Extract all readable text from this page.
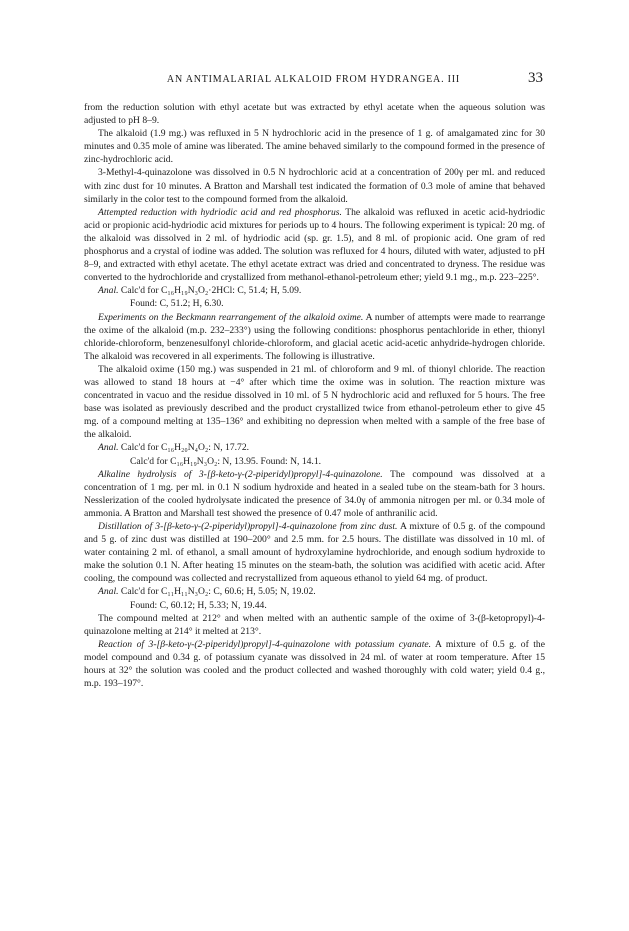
AN ANTIMALARIAL ALKALOID FROM HYDRANGEA. III	33

from the reduction solution with ethyl acetate but was extracted by ethyl acetate when the aqueous solution was adjusted to pH 8–9.

The alkaloid (1.9 mg.) was refluxed in 5 N hydrochloric acid in the presence of 1 g. of amalgamated zinc for 30 minutes and 0.35 mole of amine was liberated. The amine behaved similarly to the compound formed in the presence of zinc-hydrochloric acid.

3-Methyl-4-quinazolone was dissolved in 0.5 N hydrochloric acid at a concentration of 200γ per ml. and reduced with zinc dust for 10 minutes. A Bratton and Marshall test indicated the formation of 0.3 mole of amine that behaved similarly in the color test to the compound formed from the alkaloid.

Attempted reduction with hydriodic acid and red phosphorus. The alkaloid was refluxed in acetic acid-hydriodic acid or propionic acid-hydriodic acid mixtures for periods up to 4 hours. The following experiment is typical: 20 mg. of the alkaloid was dissolved in 2 ml. of hydriodic acid (sp. gr. 1.5), and 8 ml. of propionic acid. One gram of red phosphorus and a crystal of iodine was added. The solution was refluxed for 4 hours, diluted with water, adjusted to pH 8–9, and extracted with ethyl acetate. The ethyl acetate extract was dried and concentrated to dryness. The residue was converted to the hydrochloride and crystallized from methanol-ethanol-petroleum ether; yield 9.1 mg., m.p. 223–225°.

Anal. Calc'd for C₁₆H₁₉N₃O₂·2HCl: C, 51.4; H, 5.09.

Found: C, 51.2; H, 6.30.

Experiments on the Beckmann rearrangement of the alkaloid oxime. A number of attempts were made to rearrange the oxime of the alkaloid (m.p. 232–233°) using the following conditions: phosphorus pentachloride in ether, thionyl chloride-chloroform, benzenesulfonyl chloride-chloroform, and glacial acetic acid-acetic anhydride-hydrogen chloride. The alkaloid was recovered in all experiments. The following is illustrative.

The alkaloid oxime (150 mg.) was suspended in 21 ml. of chloroform and 9 ml. of thionyl chloride. The reaction was allowed to stand 18 hours at −4° after which time the oxime was in solution. The reaction mixture was concentrated in vacuo and the residue dissolved in 10 ml. of 5 N hydrochloric acid and refluxed for 5 hours. The free base was isolated as previously described and the product crystallized twice from ethanol-petroleum ether to give 45 mg. of a compound melting at 135–136° and exhibiting no depression when melted with a sample of the free base of the alkaloid.

Anal. Calc'd for C₁₆H₂₀N₄O₂: N, 17.72.

Calc'd for C₁₆H₁₉N₃O₂: N, 13.95. Found: N, 14.1.

Alkaline hydrolysis of 3-[β-keto-γ-(2-piperidyl)propyl]-4-quinazolone. The compound was dissolved at a concentration of 1 mg. per ml. in 0.1 N sodium hydroxide and heated in a sealed tube on the steam-bath for 3 hours. Nesslerization of the cooled hydrolysate indicated the presence of 34.0γ of ammonia nitrogen per ml. or 0.34 mole of ammonia. A Bratton and Marshall test showed the presence of 0.47 mole of anthranilic acid.

Distillation of 3-[β-keto-γ-(2-piperidyl)propyl]-4-quinazolone from zinc dust. A mixture of 0.5 g. of the compound and 5 g. of zinc dust was distilled at 190–200° and 2.5 mm. for 2.5 hours. The distillate was dissolved in 10 ml. of water containing 2 ml. of ethanol, a small amount of hydroxylamine hydrochloride, and enough sodium hydroxide to make the solution 0.1 N. After heating 15 minutes on the steam-bath, the solution was acidified with acetic acid. After cooling, the compound was collected and recrystallized from aqueous ethanol to yield 64 mg. of product.

Anal. Calc'd for C₁₁H₁₁N₃O₂: C, 60.6; H, 5.05; N, 19.02.

Found: C, 60.12; H, 5.33; N, 19.44.

The compound melted at 212° and when melted with an authentic sample of the oxime of 3-(β-ketopropyl)-4-quinazolone melting at 214° it melted at 213°.

Reaction of 3-[β-keto-γ-(2-piperidyl)propyl]-4-quinazolone with potassium cyanate. A mixture of 0.5 g. of the model compound and 0.34 g. of potassium cyanate was dissolved in 24 ml. of water at room temperature. After 15 hours at 32° the solution was cooled and the product collected and washed thoroughly with cold water; yield 0.4 g., m.p. 193–197°.
